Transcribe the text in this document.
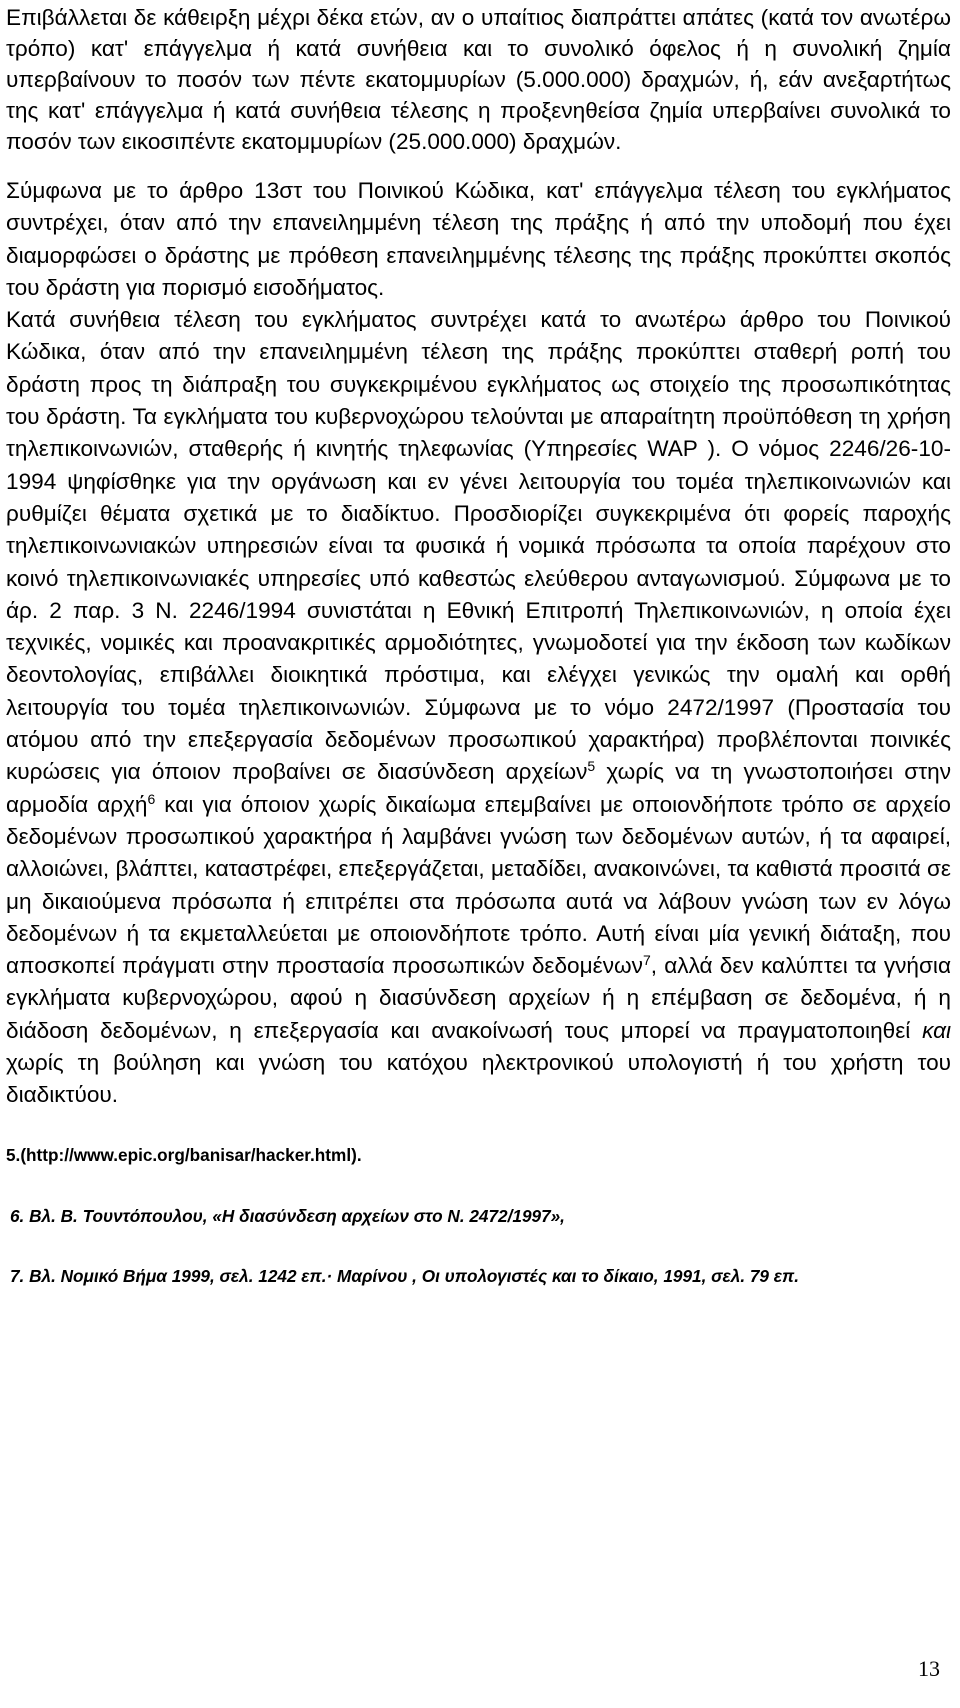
Επιβάλλεται δε κάθειρξη μέχρι δέκα ετών, αν ο υπαίτιος διαπράττει απάτες (κατά τον ανωτέρω τρόπο) κατ' επάγγελμα ή κατά συνήθεια και το συνολικό όφελος ή η συνολική ζημία υπερβαίνουν το ποσόν των πέντε εκατομμυρίων (5.000.000) δραχμών, ή, εάν ανεξαρτήτως της κατ' επάγγελμα ή κατά συνήθεια τέλεσης η προξενηθείσα ζημία υπερβαίνει συνολικά το ποσόν των εικοσιπέντε εκατομμυρίων (25.000.000) δραχμών.

Σύμφωνα με το άρθρο 13στ του Ποινικού Κώδικα, κατ' επάγγελμα τέλεση του εγκλήματος συντρέχει, όταν από την επανειλημμένη τέλεση της πράξης ή από την υποδομή που έχει διαμορφώσει ο δράστης με πρόθεση επανειλημμένης τέλεσης της πράξης προκύπτει σκοπός του δράστη για πορισμό εισοδήματος.

Κατά συνήθεια τέλεση του εγκλήματος συντρέχει κατά το ανωτέρω άρθρο του Ποινικού Κώδικα, όταν από την επανειλημμένη τέλεση της πράξης προκύπτει σταθερή ροπή του δράστη προς τη διάπραξη του συγκεκριμένου εγκλήματος ως στοιχείο της προσωπικότητας του δράστη. Τα εγκλήματα του κυβερνοχώρου τελούνται με απαραίτητη προϋπόθεση τη χρήση τηλεπικοινωνιών, σταθερής ή κινητής τηλεφωνίας (Υπηρεσίες WAP ). Ο νόμος 2246/26-10-1994 ψηφίσθηκε για την οργάνωση και εν γένει λειτουργία του τομέα τηλεπικοινωνιών και ρυθμίζει θέματα σχετικά με το διαδίκτυο. Προσδιορίζει συγκεκριμένα ότι φορείς παροχής τηλεπικοινωνιακών υπηρεσιών είναι τα φυσικά ή νομικά πρόσωπα τα οποία παρέχουν στο κοινό τηλεπικοινωνιακές υπηρεσίες υπό καθεστώς ελεύθερου ανταγωνισμού. Σύμφωνα με το άρ. 2 παρ. 3 Ν. 2246/1994 συνιστάται η Εθνική Επιτροπή Τηλεπικοινωνιών, η οποία έχει τεχνικές, νομικές και προανακριτικές αρμοδιότητες, γνωμοδοτεί για την έκδοση των κωδίκων δεοντολογίας, επιβάλλει διοικητικά πρόστιμα, και ελέγχει γενικώς την ομαλή και ορθή λειτουργία του τομέα τηλεπικοινωνιών. Σύμφωνα με το νόμο 2472/1997 (Προστασία του ατόμου από την επεξεργασία δεδομένων προσωπικού χαρακτήρα) προβλέπονται ποινικές κυρώσεις για όποιον προβαίνει σε διασύνδεση αρχείων$^5$ χωρίς να τη γνωστοποιήσει στην αρμοδία αρχή$^6$ και για όποιον χωρίς δικαίωμα επεμβαίνει με οποιονδήποτε τρόπο σε αρχείο δεδομένων προσωπικού χαρακτήρα ή λαμβάνει γνώση των δεδομένων αυτών, ή τα αφαιρεί, αλλοιώνει, βλάπτει, καταστρέφει, επεξεργάζεται, μεταδίδει, ανακοινώνει, τα καθιστά προσιτά σε μη δικαιούμενα πρόσωπα ή επιτρέπει στα πρόσωπα αυτά να λάβουν γνώση των εν λόγω δεδομένων ή τα εκμεταλλεύεται με οποιονδήποτε τρόπο. Αυτή είναι μία γενική διάταξη, που αποσκοπεί πράγματι στην προστασία προσωπικών δεδομένων$^7$, αλλά δεν καλύπτει τα γνήσια εγκλήματα κυβερνοχώρου, αφού η διασύνδεση αρχείων ή η επέμβαση σε δεδομένα, ή η διάδοση δεδομένων, η επεξεργασία και ανακοίνωσή τους μπορεί να πραγματοποιηθεί και χωρίς τη βούληση και γνώση του κατόχου ηλεκτρονικού υπολογιστή ή του χρήστη του διαδικτύου.

5.(http://www.epic.org/banisar/hacker.html).

6. Βλ. Β. Τουντόπουλου, «Η διασύνδεση αρχείων στο Ν. 2472/1997»,

7. Βλ. Νομικό Βήμα 1999, σελ. 1242 επ.· Μαρίνου , Οι υπολογιστές και το δίκαιο, 1991, σελ. 79 επ.

13
